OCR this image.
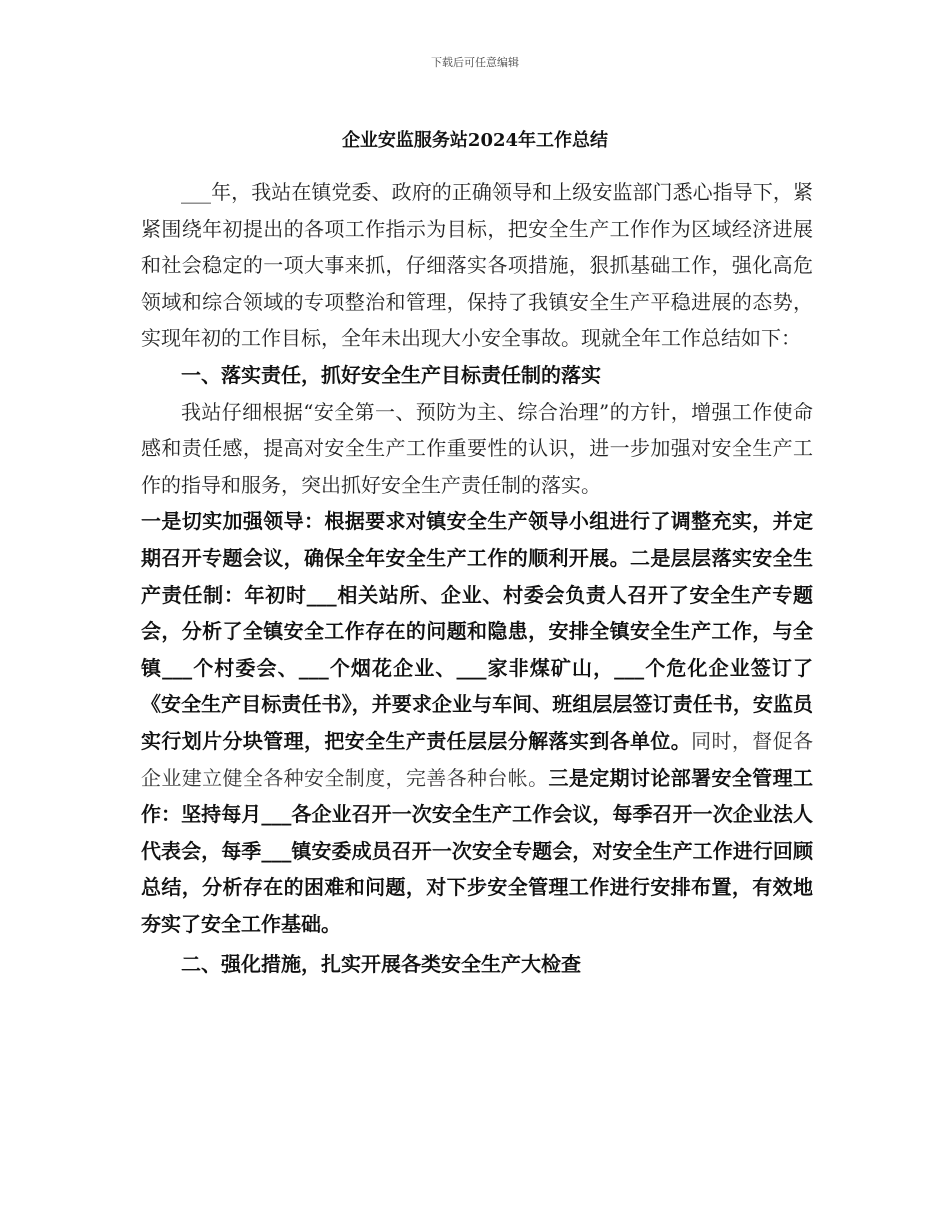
下载后可任意编辑
企业安监服务站2024年工作总结

___年，我站在镇党委、政府的正确领导和上级安监部门悉心指导下，紧紧围绕年初提出的各项工作指示为目标，把安全生产工作作为区域经济进展和社会稳定的一项大事来抓，仔细落实各项措施，狠抓基础工作，强化高危领域和综合领域的专项整治和管理，保持了我镇安全生产平稳进展的态势，实现年初的工作目标，全年未出现大小安全事故。现就全年工作总结如下：

一、落实责任，抓好安全生产目标责任制的落实

我站仔细根据“安全第一、预防为主、综合治理”的方针，增强工作使命感和责任感，提高对安全生产工作重要性的认识，进一步加强对安全生产工作的指导和服务，突出抓好安全生产责任制的落实。

一是切实加强领导：根据要求对镇安全生产领导小组进行了调整充实，并定期召开专题会议，确保全年安全生产工作的顺利开展。二是层层落实安全生产责任制：年初时___相关站所、企业、村委会负责人召开了安全生产专题会，分析了全镇安全工作存在的问题和隐患，安排全镇安全生产工作，与全镇___个村委会、___个烟花企业、___家非煤矿山，___个危化企业签订了《安全生产目标责任书》，并要求企业与车间、班组层层签订责任书，安监员实行划片分块管理，把安全生产责任层层分解落实到各单位。同时，督促各企业建立健全各种安全制度，完善各种台帐。三是定期讨论部署安全管理工作：坚持每月___各企业召开一次安全生产工作会议，每季召开一次企业法人代表会，每季___镇安委成员召开一次安全专题会，对安全生产工作进行回顾总结，分析存在的困难和问题，对下步安全管理工作进行安排布置，有效地夯实了安全工作基础。

二、强化措施，扎实开展各类安全生产大检查
